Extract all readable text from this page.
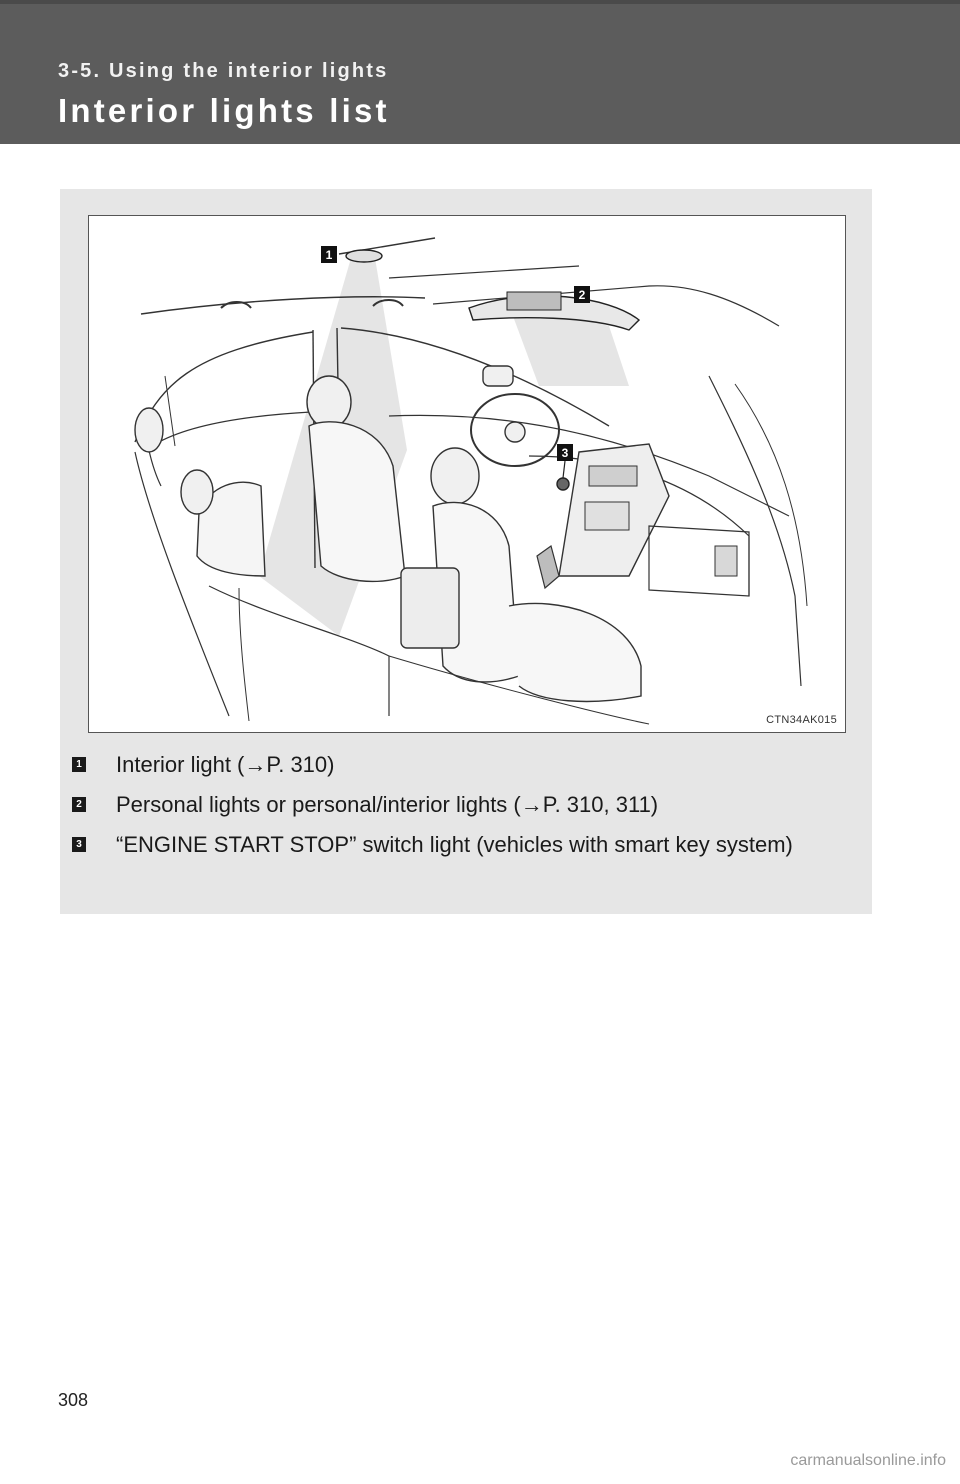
3-5. Using the interior lights
Interior lights list
1
2
3
CTN34AK015
1 Interior light (→P. 310)
2 Personal lights or personal/interior lights (→P. 310, 311)
3 “ENGINE START STOP” switch light (vehicles with smart key system)
308
carmanualsonline.info
